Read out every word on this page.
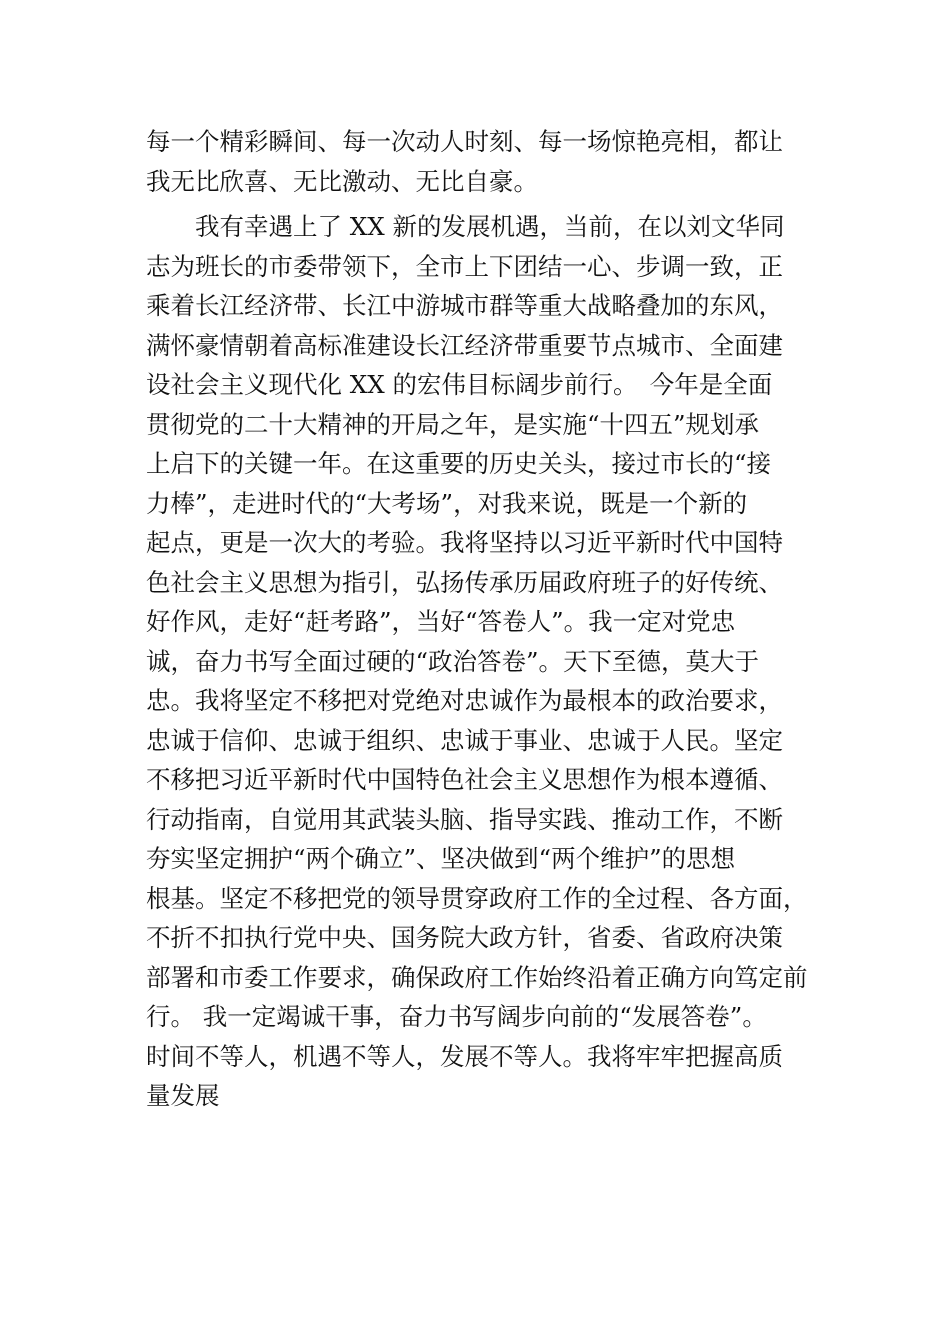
每一个精彩瞬间、每一次动人时刻、每一场惊艳亮相，都让
我无比欣喜、无比激动、无比自豪。
　　我有幸遇上了 XX 新的发展机遇，当前，在以刘文华同
志为班长的市委带领下，全市上下团结一心、步调一致，正
乘着长江经济带、长江中游城市群等重大战略叠加的东风，
满怀豪情朝着高标准建设长江经济带重要节点城市、全面建
设社会主义现代化 XX 的宏伟目标阔步前行。　今年是全面
贯彻党的二十大精神的开局之年，是实施“十四五”规划承
上启下的关键一年。在这重要的历史关头，接过市长的“接
力棒”，走进时代的“大考场”，对我来说，既是一个新的
起点，更是一次大的考验。我将坚持以习近平新时代中国特
色社会主义思想为指引，弘扬传承历届政府班子的好传统、
好作风，走好“赶考路”，当好“答卷人”。我一定对党忠
诚，奋力书写全面过硬的“政治答卷”。天下至德，莫大于
忠。我将坚定不移把对党绝对忠诚作为最根本的政治要求，
忠诚于信仰、忠诚于组织、忠诚于事业、忠诚于人民。坚定
不移把习近平新时代中国特色社会主义思想作为根本遵循、
行动指南，自觉用其武装头脑、指导实践、推动工作，不断
夯实坚定拥护“两个确立”、坚决做到“两个维护”的思想
根基。坚定不移把党的领导贯穿政府工作的全过程、各方面，
不折不扣执行党中央、国务院大政方针，省委、省政府决策
部署和市委工作要求，确保政府工作始终沿着正确方向笃定前
行。 我一定竭诚干事，奋力书写阔步向前的“发展答卷”。
时间不等人，机遇不等人，发展不等人。我将牢牢把握高质
量发展
